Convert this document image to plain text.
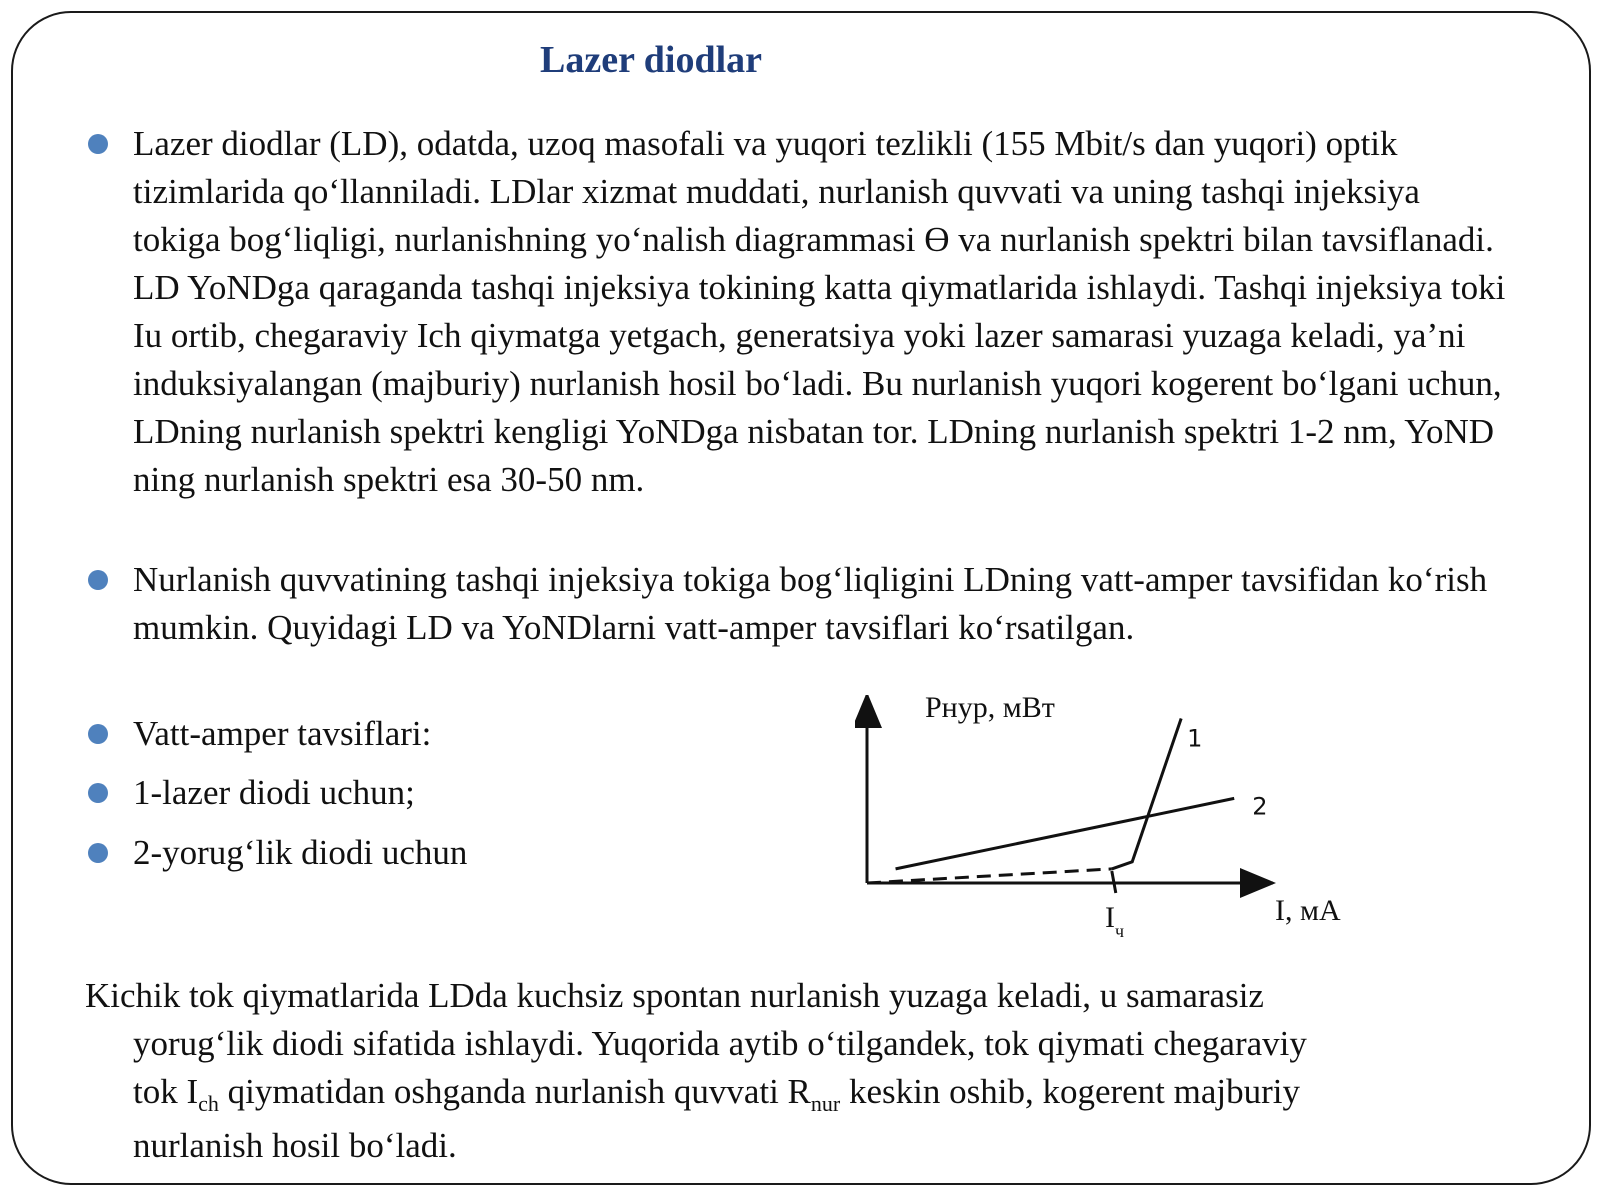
Lazer diodlar
Lazer diodlar (LD), odatda, uzoq masofali va yuqori tezlikli (155 Mbit/s dan yuqori) optik tizimlarida qo‘llanniladi. LDlar xizmat muddati, nurlanish quvvati va uning tashqi injeksiya tokiga bog‘liqligi, nurlanishning yo‘nalish diagrammasi Ɵ va nurlanish spektri bilan tavsiflanadi. LD YoNDga qaraganda tashqi injeksiya tokining katta qiymatlarida ishlaydi. Tashqi injeksiya toki Iu ortib, chegaraviy Ich qiymatga yetgach, generatsiya yoki lazer samarasi yuzaga keladi, ya’ni induksiyalangan (majburiy) nurlanish hosil bo‘ladi. Bu nurlanish yuqori kogerent bo‘lgani uchun, LDning nurlanish spektri kengligi YoNDga nisbatan tor. LDning nurlanish spektri 1-2 nm, YoND ning nurlanish spektri esa 30-50 nm.
Nurlanish quvvatining tashqi injeksiya tokiga bog‘liqligini LDning vatt-amper tavsifidan ko‘rish mumkin. Quyidagi LD va YoNDlarni vatt-amper tavsiflari ko‘rsatilgan.
Vatt-amper tavsiflari:
1-lazer diodi uchun;
2-yorug‘lik diodi uchun
1
2
Pнур, мВт
I, мА
$I_ч$
Kichik tok qiymatlarida LDda kuchsiz spontan nurlanish yuzaga keladi, u samarasiz
yorug‘lik diodi sifatida ishlaydi. Yuqorida aytib o‘tilgandek, tok qiymati chegaraviy
tok $I_{ch}$ qiymatidan oshganda nurlanish quvvati $R_{nur}$ keskin oshib, kogerent majburiy
nurlanish hosil bo‘ladi.
